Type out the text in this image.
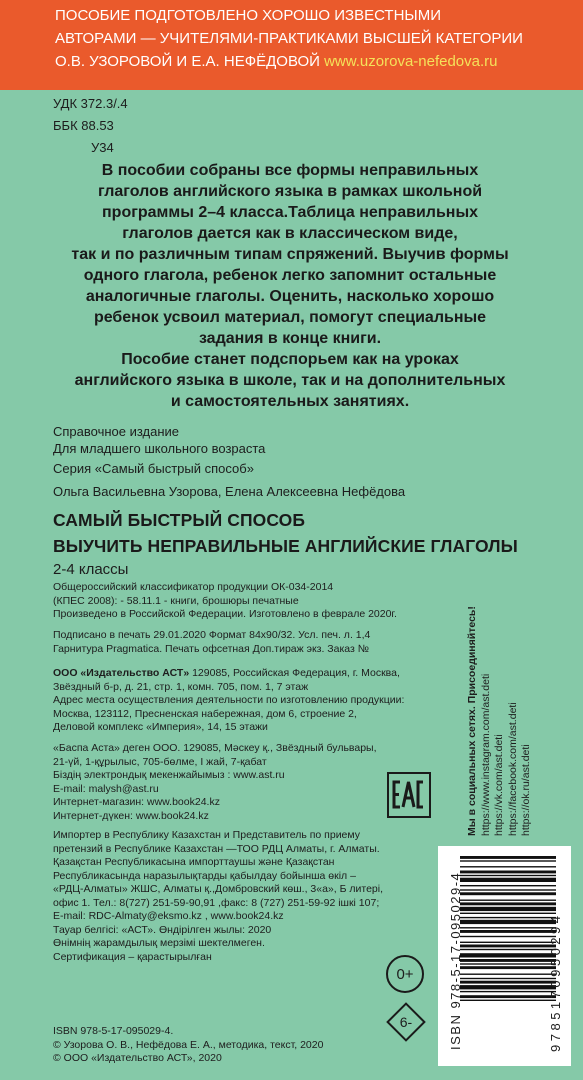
ПОСОБИЕ ПОДГОТОВЛЕНО ХОРОШО ИЗВЕСТНЫМИ
АВТОРАМИ — УЧИТЕЛЯМИ-ПРАКТИКАМИ ВЫСШЕЙ КАТЕГОРИИ
О.В. УЗОРОВОЙ И Е.А. НЕФЁДОВОЙ www.uzorova-nefedova.ru
УДК 372.3/.4
ББК 88.53
У34
В пособии собраны все формы неправильных
глаголов английского языка в рамках школьной
программы 2–4 класса.Таблица неправильных
глаголов дается как в классическом виде,
так и по различным типам спряжений. Выучив формы
одного глагола, ребенок легко запомнит остальные
аналогичные глаголы. Оценить, насколько хорошо
ребенок усвоил материал, помогут специальные
задания в конце книги.
Пособие станет подспорьем как на уроках
английского языка в школе, так и на дополнительных
и самостоятельных занятиях.
Справочное издание
Для младшего школьного возраста
Серия «Самый быстрый способ»
Ольга Васильевна Узорова, Елена Алексеевна Нефёдова
САМЫЙ БЫСТРЫЙ СПОСОБ
ВЫУЧИТЬ НЕПРАВИЛЬНЫЕ АНГЛИЙСКИЕ ГЛАГОЛЫ
2-4 классы
Общероссийский классификатор продукции ОК-034-2014
(КПЕС 2008): - 58.11.1 - книги, брошюры печатные
Произведено в Российской Федерации. Изготовлено в феврале 2020г.
Подписано в печать 29.01.2020 Формат 84х90/32. Усл. печ. л. 1,4
Гарнитура Pragmatica. Печать офсетная Доп.тираж экз. Заказ №
ООО «Издательство АСТ» 129085, Российская Федерация, г. Москва,
Звёздный б-р, д. 21, стр. 1, комн. 705, пом. 1, 7 этаж
Адрес места осуществления деятельности по изготовлению продукции:
Москва, 123112, Пресненская набережная, дом 6, строение 2,
Деловой комплекс «Империя», 14, 15 этажи
«Баспа Аста» деген ООО. 129085, Мәскеу қ., Звёздный бульвары,
21-үй, 1-құрылыс, 705-бөлме, І жай, 7-қабат
Біздің электрондық мекенжайымыз : www.ast.ru
E-mail: malysh@ast.ru
Интернет-магазин: www.book24.kz
Интернет-дүкен: www.book24.kz
Импортер в Республику Казахстан и Представитель по приему
претензий в Республике Казахстан —ТОО РДЦ Алматы, г. Алматы.
Қазақстан Республикасына импорттаушы және Қазақстан
Республикасында наразылықтарды қабылдау бойынша өкіл –
«РДЦ-Алматы» ЖШС, Алматы қ.,Домбровский көш., 3«а», Б литері,
офис 1. Тел.: 8(727) 251-59-90,91 ,факс: 8 (727) 251-59-92 ішкі 107;
E-mail: RDC-Almaty@eksmo.kz , www.book24.kz
Тауар белгісі: «АСТ». Өндірілген жылы: 2020
Өнімнің жарамдылық мерзімі шектелмеген.
Сертификация – қарастырылған
ISBN 978-5-17-095029-4.
© Узорова О. В., Нефёдова Е. А., методика, текст, 2020
© ООО «Издательство АСТ», 2020
Мы в социальных сетях. Присоединяйтесь! https://www.instagram.com/ast.deti https://vk.com/ast.deti https://facebook.com/ast.deti https://ok.ru/ast.deti
0+
6-	ISBN 978-5-17-095029-4	9785170950294
